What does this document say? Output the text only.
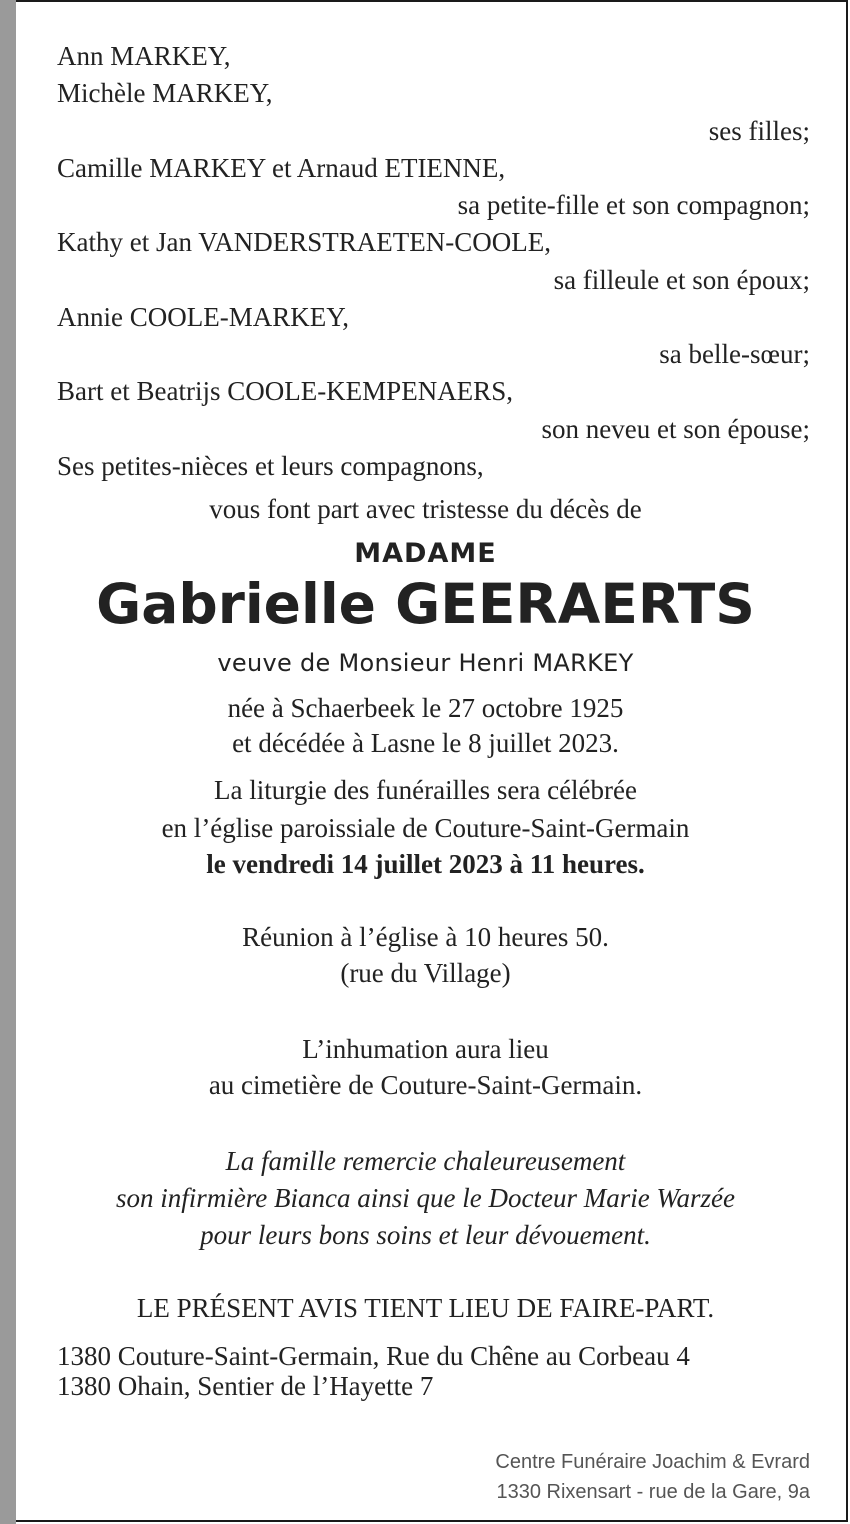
Ann MARKEY,
Michèle MARKEY,
ses filles;
Camille MARKEY et Arnaud ETIENNE,
sa petite-fille et son compagnon;
Kathy et Jan VANDERSTRAETEN-COOLE,
sa filleule et son époux;
Annie COOLE-MARKEY,
sa belle-sœur;
Bart et Beatrijs COOLE-KEMPENAERS,
son neveu et son épouse;
Ses petites-nièces et leurs compagnons,
vous font part avec tristesse du décès de
MADAME
Gabrielle GEERAERTS
veuve de Monsieur Henri MARKEY
née à Schaerbeek le 27 octobre 1925
et décédée à Lasne le 8 juillet 2023.
La liturgie des funérailles sera célébrée
en l’église paroissiale de Couture-Saint-Germain
le vendredi 14 juillet 2023 à 11 heures.
Réunion à l’église à 10 heures 50.
(rue du Village)
L’inhumation aura lieu
au cimetière de Couture-Saint-Germain.
La famille remercie chaleureusement
son infirmière Bianca ainsi que le Docteur Marie Warzée
pour leurs bons soins et leur dévouement.
LE PRÉSENT AVIS TIENT LIEU DE FAIRE-PART.
1380 Couture-Saint-Germain, Rue du Chêne au Corbeau 4
1380 Ohain, Sentier de l’Hayette 7
Centre Funéraire Joachim & Evrard
1330 Rixensart - rue de la Gare, 9a
